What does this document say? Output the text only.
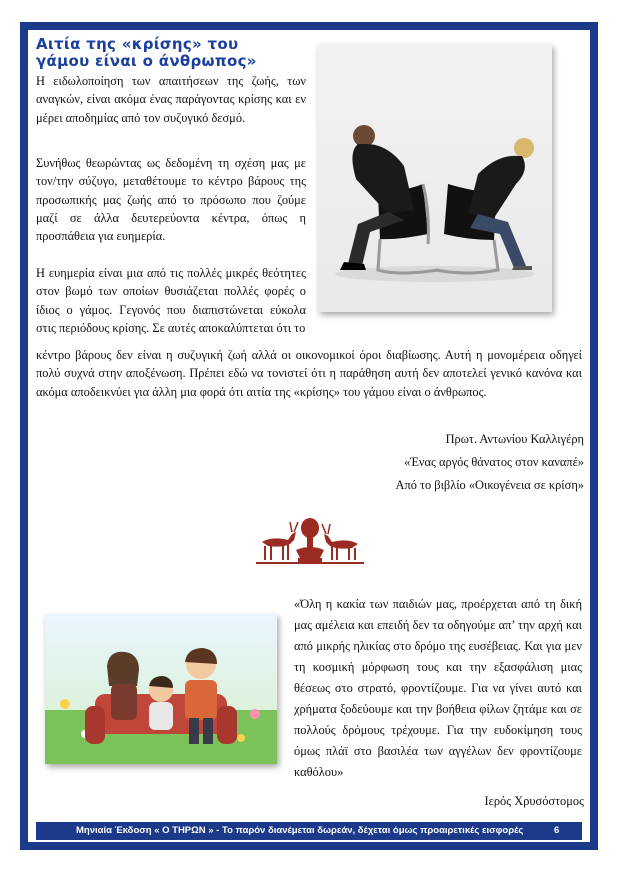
Αιτία της «κρίσης» του
γάμου είναι ο άνθρωπος»
Η ειδωλοποίηση των απαιτήσεων της ζωής, των αναγκών, είναι ακόμα ένας παράγοντας κρίσης και εν μέρει αποδημίας από τον συζυγικό δεσμό.
Συνήθως θεωρώντας ως δεδομένη τη σχέση μας με τον/την σύζυγο, μεταθέτουμε το κέντρο βάρους της προσωπικής μας ζωής από το πρόσωπο που ζούμε μαζί σε άλλα δευτερεύοντα κέντρα, όπως η προσπάθεια για ευημερία.
Η ευημερία είναι μια από τις πολλές μικρές θεότητες στον βωμό των οποίων θυσιάζεται πολλές φορές ο ίδιος ο γάμος. Γεγονός που διαπιστώνεται εύκολα στις περιόδους κρίσης. Σε αυτές αποκαλύπτεται ότι το
κέντρο βάρους δεν είναι η συζυγική ζωή αλλά οι οικονομικοί όροι διαβίωσης. Αυτή η μονομέρεια οδηγεί πολύ συχνά στην αποξένωση. Πρέπει εδώ να τονιστεί ότι η παράθηση αυτή δεν αποτελεί γενικό κανόνα και ακόμα αποδεικνύει για άλλη μια φορά ότι αιτία της «κρίσης» του γάμου είναι ο άνθρωπος.
Πρωτ. Αντωνίου Καλλιγέρη
«Ένας αργός θάνατος στον καναπέ»
Από το βιβλίο «Οικογένεια σε κρίση»
«Όλη η κακία των παιδιών μας, προέρχεται από τη δική μας αμέλεια και επειδή δεν τα οδηγούμε απ’ την αρχή και από μικρής ηλικίας στο δρόμο της ευσέβειας. Και για μεν τη κοσμική μόρφωση τους και την εξασφάλιση μιας θέσεως στο στρατό, φροντίζουμε. Για να γίνει αυτό και χρήματα ξοδεύουμε και την βοήθεια φίλων ζητάμε και σε πολλούς δρόμους τρέχουμε. Για την ευδοκίμηση τους όμως πλάϊ στο βασιλέα των αγγέλων δεν φροντίζουμε καθόλου»
Ιερός Χρυσόστομος
Μηνιαία Έκδοση « Ο ΤΗΡΩΝ » - Το παρόν διανέμεται δωρεάν, δέχεται όμως προαιρετικές εισφορές	6
